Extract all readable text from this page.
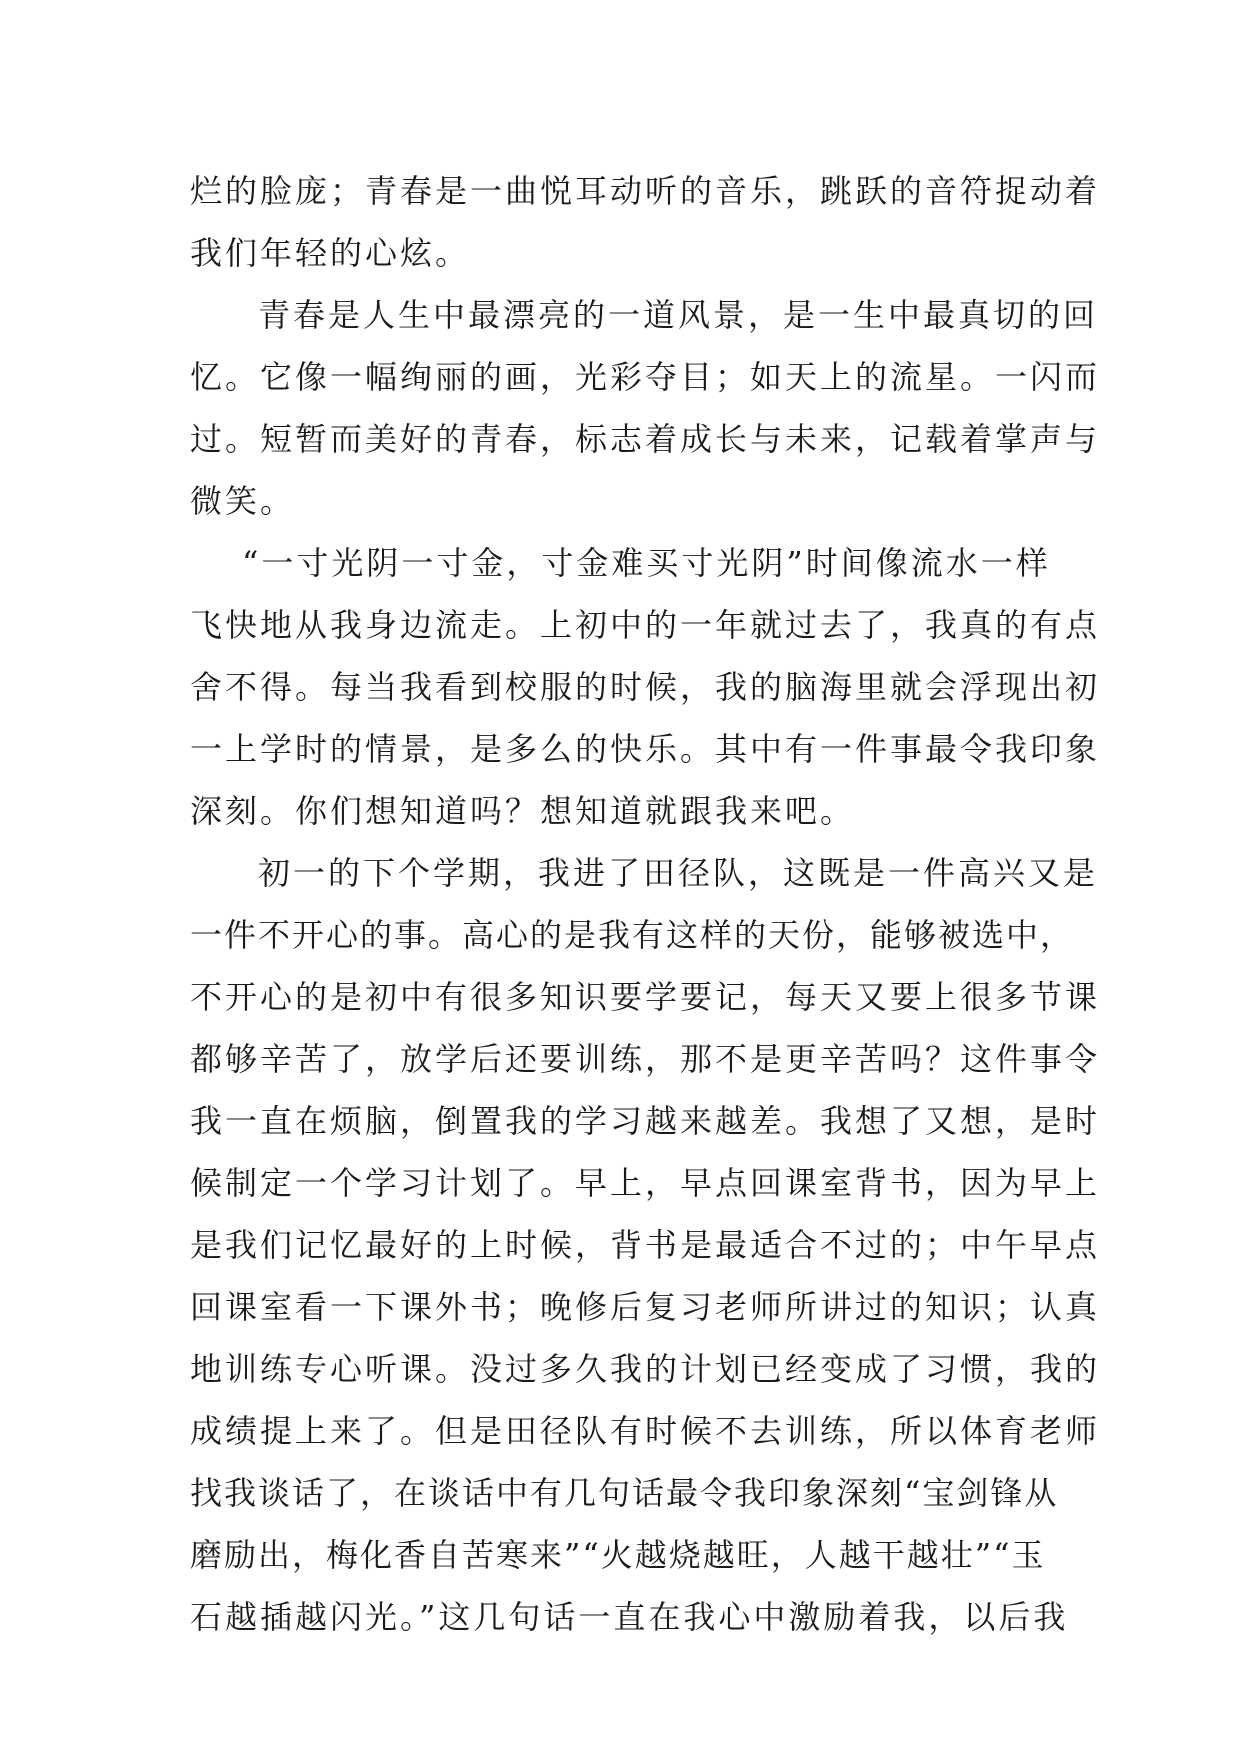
烂的脸庞；青春是一曲悦耳动听的音乐，跳跃的音符捉动着
我们年轻的心炫。
青春是人生中最漂亮的一道风景，是一生中最真切的回
忆。它像一幅绚丽的画，光彩夺目；如天上的流星。一闪而
过。短暂而美好的青春，标志着成长与未来，记载着掌声与
微笑。
“一寸光阴一寸金，寸金难买寸光阴”时间像流水一样
飞快地从我身边流走。上初中的一年就过去了，我真的有点
舍不得。每当我看到校服的时候，我的脑海里就会浮现出初
一上学时的情景，是多么的快乐。其中有一件事最令我印象
深刻。你们想知道吗？想知道就跟我来吧。
初一的下个学期，我进了田径队，这既是一件高兴又是
一件不开心的事。高心的是我有这样的天份，能够被选中，
不开心的是初中有很多知识要学要记，每天又要上很多节课
都够辛苦了，放学后还要训练，那不是更辛苦吗？这件事令
我一直在烦脑，倒置我的学习越来越差。我想了又想，是时
候制定一个学习计划了。早上，早点回课室背书，因为早上
是我们记忆最好的上时候，背书是最适合不过的；中午早点
回课室看一下课外书；晚修后复习老师所讲过的知识；认真
地训练专心听课。没过多久我的计划已经变成了习惯，我的
成绩提上来了。但是田径队有时候不去训练，所以体育老师
找我谈话了，在谈话中有几句话最令我印象深刻“宝剑锋从
磨励出，梅化香自苦寒来”“火越烧越旺，人越干越壮”“玉
石越插越闪光。”这几句话一直在我心中激励着我，以后我
